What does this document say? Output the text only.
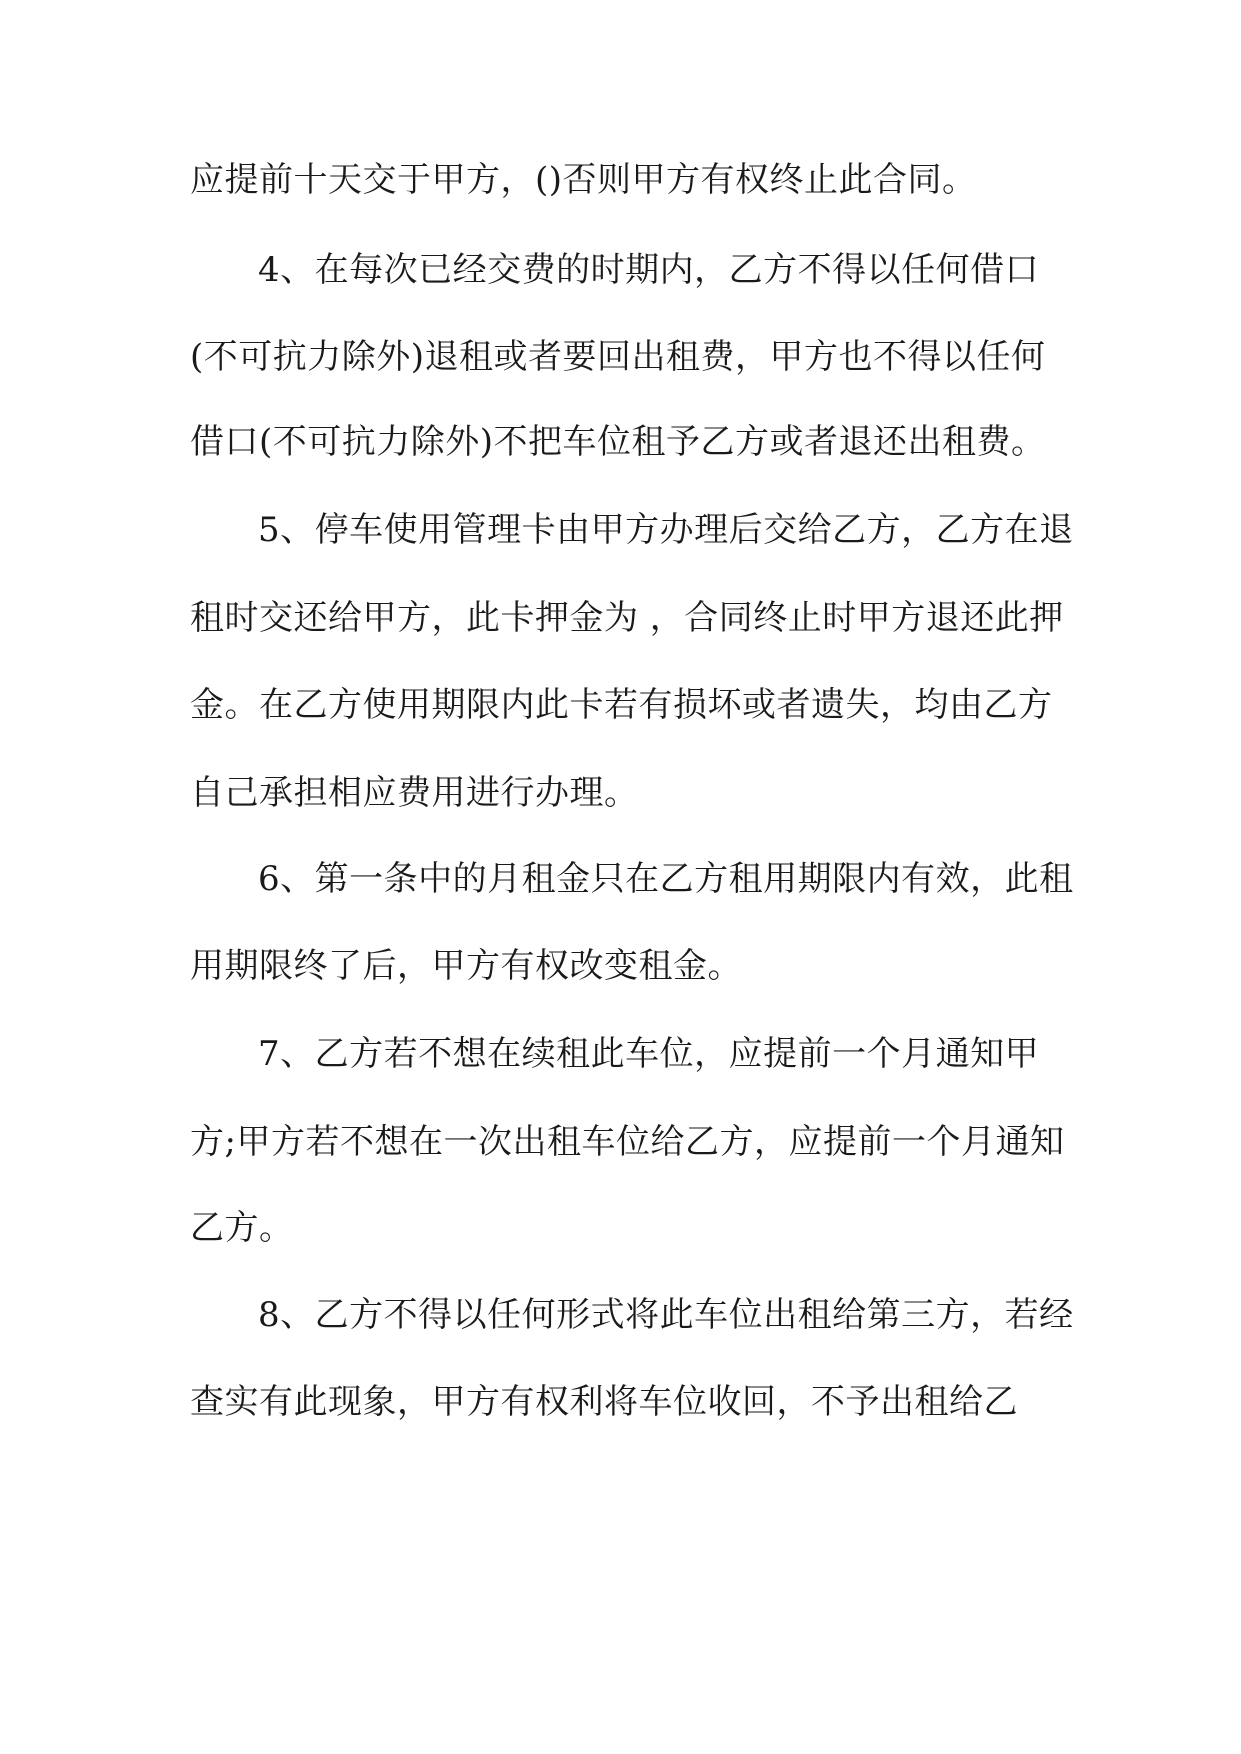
应提前十天交于甲方，()否则甲方有权终止此合同。
4、在每次已经交费的时期内，乙方不得以任何借口
(不可抗力除外)退租或者要回出租费，甲方也不得以任何
借口(不可抗力除外)不把车位租予乙方或者退还出租费。
5、停车使用管理卡由甲方办理后交给乙方，乙方在退
租时交还给甲方，此卡押金为 ，合同终止时甲方退还此押
金。在乙方使用期限内此卡若有损坏或者遗失，均由乙方
自己承担相应费用进行办理。
6、第一条中的月租金只在乙方租用期限内有效，此租
用期限终了后，甲方有权改变租金。
7、乙方若不想在续租此车位，应提前一个月通知甲
方;甲方若不想在一次出租车位给乙方，应提前一个月通知
乙方。
8、乙方不得以任何形式将此车位出租给第三方，若经
查实有此现象，甲方有权利将车位收回，不予出租给乙
